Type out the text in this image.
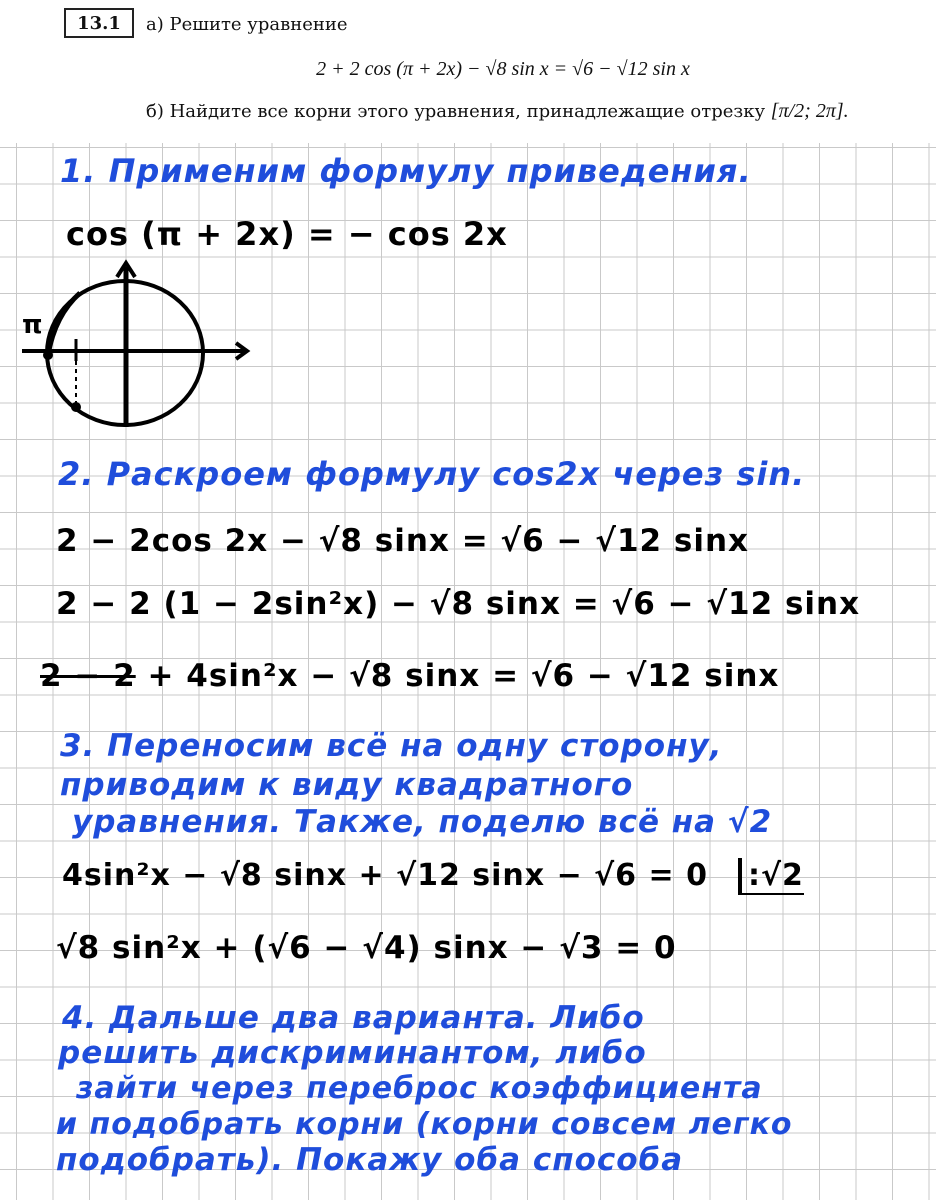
13.1 а) Решите уравнение
2 + 2 cos (π + 2x) − √8 sin x = √6 − √12 sin x
б) Найдите все корни этого уравнения, принадлежащие отрезку [π/2; 2π].
1. Применим формулу приведения.
cos (π + 2x) = − cos 2x
π
2. Раскроем формулу cos2x через sin.
2 − 2cos 2x − √8 sinx = √6 − √12 sinx
2 − 2 (1 − 2sin²x) − √8 sinx = √6 − √12 sinx
2 − 2 + 4sin²x − √8 sinx = √6 − √12 sinx
3. Переносим всё на одну сторону,
приводим к виду квадратного
уравнения. Также, поделю всё на √2
4sin²x − √8 sinx + √12 sinx − √6 = 0 :√2
√8 sin²x + (√6 − √4) sinx − √3 = 0
4. Дальше два варианта. Либо
решить дискриминантом, либо
зайти через переброс коэффициента
и подобрать корни (корни совсем легко
подобрать). Покажу оба способа
